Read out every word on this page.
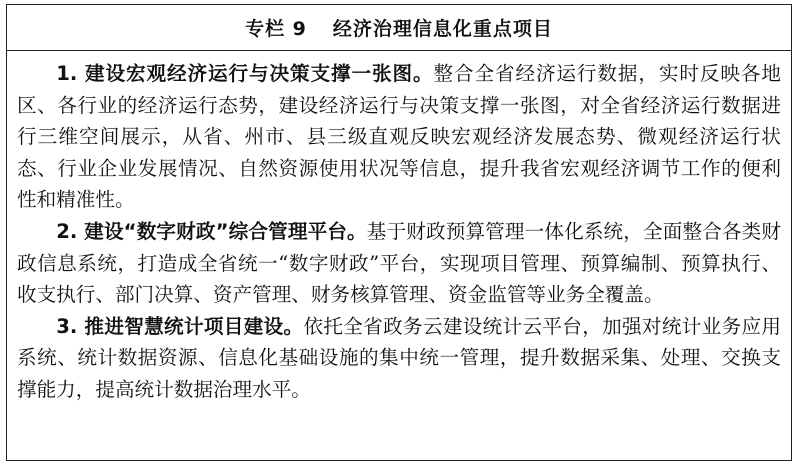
专栏 9 经济治理信息化重点项目

1. 建设宏观经济运行与决策支撑一张图。整合全省经济运行数据，实时反映各地区、各行业的经济运行态势，建设经济运行与决策支撑一张图，对全省经济运行数据进行三维空间展示，从省、州市、县三级直观反映宏观经济发展态势、微观经济运行状态、行业企业发展情况、自然资源使用状况等信息，提升我省宏观经济调节工作的便利性和精准性。

2. 建设“数字财政”综合管理平台。基于财政预算管理一体化系统，全面整合各类财政信息系统，打造成全省统一“数字财政”平台，实现项目管理、预算编制、预算执行、收支执行、部门决算、资产管理、财务核算管理、资金监管等业务全覆盖。

3. 推进智慧统计项目建设。依托全省政务云建设统计云平台，加强对统计业务应用系统、统计数据资源、信息化基础设施的集中统一管理，提升数据采集、处理、交换支撑能力，提高统计数据治理水平。
